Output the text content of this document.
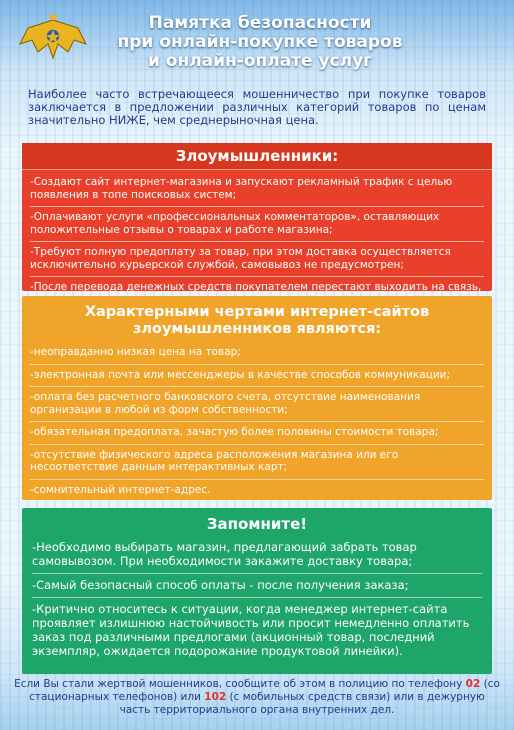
Памятка безопасности
при онлайн-покупке товаров
и онлайн-оплате услуг
Наиболее часто встречающееся мошенничество при покупке товаров заключается в предложении различных категорий товаров по ценам значительно НИЖЕ, чем среднерыночная цена.
Злоумышленники:
-Создают сайт интернет-магазина и запускают рекламный трафик с целью появления в топе поисковых систем;
-Оплачивают услуги «профессиональных комментаторов», оставляющих положительные отзывы о товарах и работе магазина;
-Требуют полную предоплату за товар, при этом доставка осуществляется исключительно курьерской службой, самовывоз не предусмотрен;
-После перевода денежных средств покупателем перестают выходить на связь,
Характерными чертами интернет-сайтов
злоумышленников являются:
-неоправданно низкая цена на товар;
-электронная почта или мессенджеры в качестве способов коммуникации;
-оплата без расчетного банковского счета, отсутствие наименования организации в любой из форм собственности;
-обязательная предоплата, зачастую более половины стоимости товара;
-отсутствие физического адреса расположения магазина или его несоответствие данным интерактивных карт;
-сомнительный интернет-адрес.
Запомните!
-Необходимо выбирать магазин, предлагающий забрать товар самовывозом. При необходимости закажите доставку товара;
-Самый безопасный способ оплаты - после получения заказа;
-Критично относитесь к ситуации, когда менеджер интернет-сайта проявляет излишнюю настойчивость или просит немедленно оплатить заказ под различными предлогами (акционный товар, последний экземпляр, ожидается подорожание продуктовой линейки).
Если Вы стали жертвой мошенников, сообщите об этом в полицию по телефону 02 (со стационарных телефонов) или 102 (с мобильных средств связи) или в дежурную часть территориального органа внутренних дел.
